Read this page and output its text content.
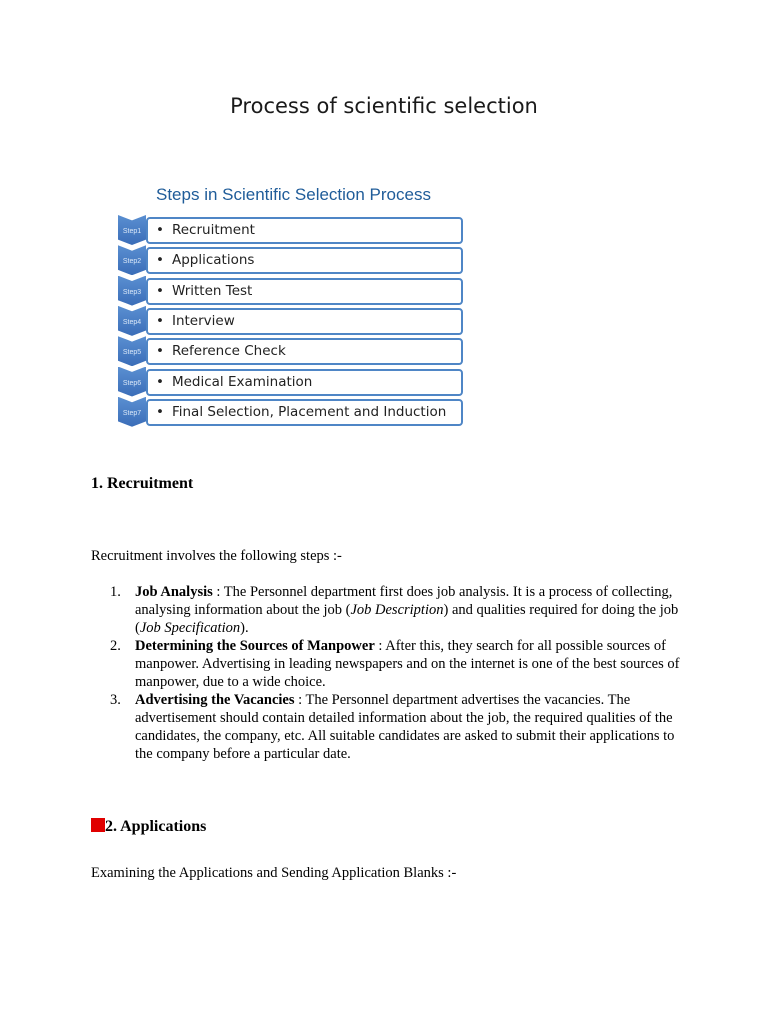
Process of scientific selection
Steps in Scientific Selection Process
Step1	• Recruitment
Step2	• Applications
Step3	• Written Test
Step4	• Interview
Step5	• Reference Check
Step6	• Medical Examination
Step7	• Final Selection, Placement and Induction
1. Recruitment

Recruitment involves the following steps :-

1. Job Analysis : The Personnel department first does job analysis. It is a process of collecting, analysing information about the job (Job Description) and qualities required for doing the job (Job Specification).
2. Determining the Sources of Manpower : After this, they search for all possible sources of manpower. Advertising in leading newspapers and on the internet is one of the best sources of manpower, due to a wide choice.
3. Advertising the Vacancies : The Personnel department advertises the vacancies. The advertisement should contain detailed information about the job, the required qualities of the candidates, the company, etc. All suitable candidates are asked to submit their applications to the company before a particular date.
2. Applications

Examining the Applications and Sending Application Blanks :-
